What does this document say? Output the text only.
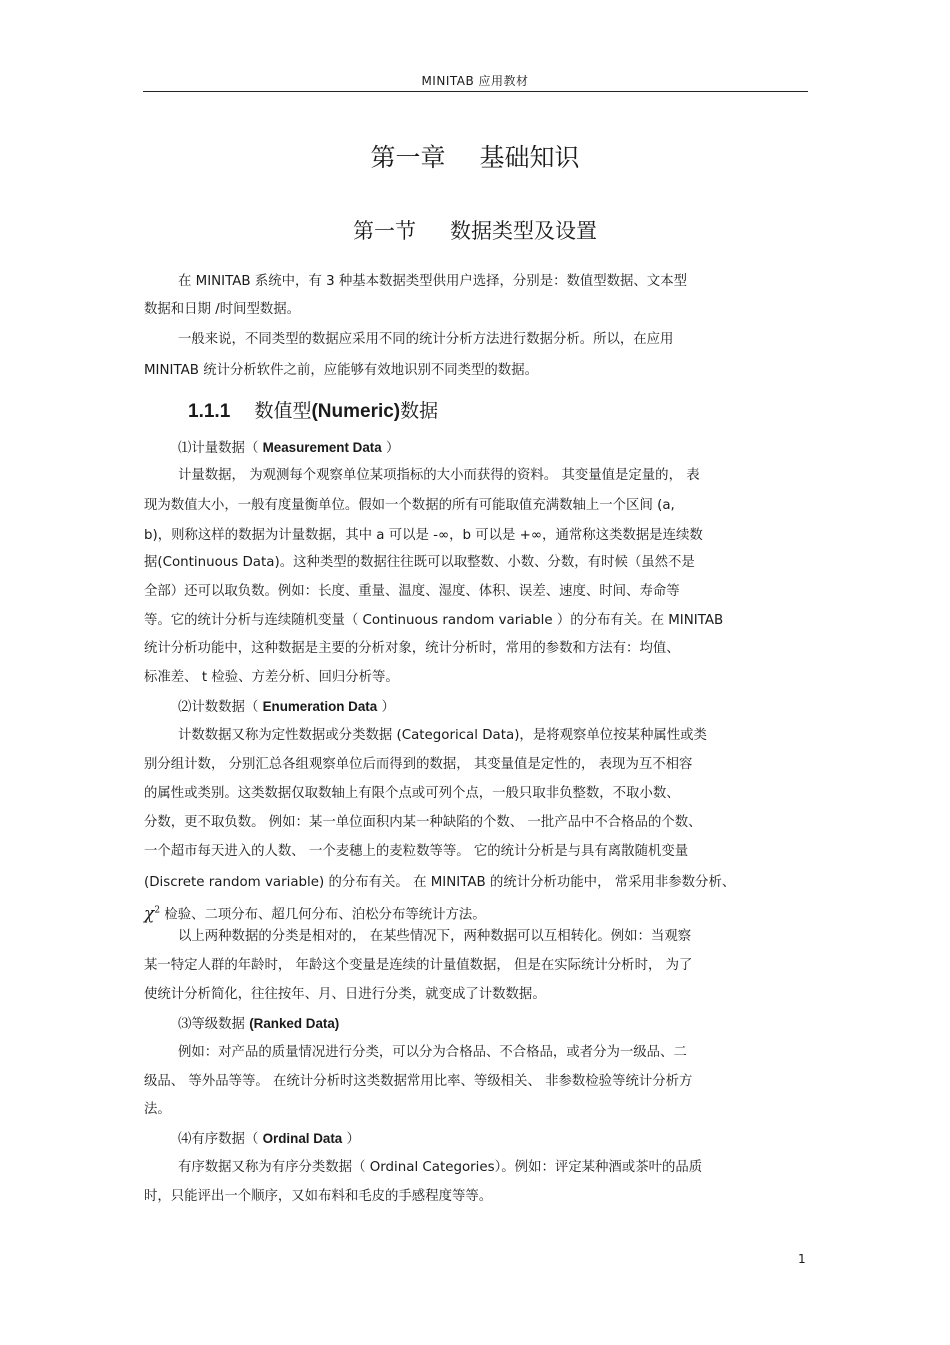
MINITAB 应用教材
第一章 基础知识
第一节 数据类型及设置
在 MINITAB 系统中，有 3 种基本数据类型供用户选择，分别是：数值型数据、文本型
数据和日期 /时间型数据。
一般来说，不同类型的数据应采用不同的统计分析方法进行数据分析。所以，在应用
MINITAB 统计分析软件之前，应能够有效地识别不同类型的数据。
1.1.1 数值型(Numeric)数据
⑴计量数据（ Measurement Data ）
计量数据， 为观测每个观察单位某项指标的大小而获得的资料。 其变量值是定量的， 表
现为数值大小，一般有度量衡单位。假如一个数据的所有可能取值充满数轴上一个区间 (a,
b)，则称这样的数据为计量数据，其中 a 可以是 -∞，b 可以是 +∞，通常称这类数据是连续数
据(Continuous Data)。这种类型的数据往往既可以取整数、小数、分数，有时候（虽然不是
全部）还可以取负数。例如：长度、重量、温度、湿度、体积、误差、速度、时间、寿命等
等。它的统计分析与连续随机变量（ Continuous random variable ）的分布有关。在 MINITAB
统计分析功能中，这种数据是主要的分析对象，统计分析时，常用的参数和方法有：均值、
标准差、 t 检验、方差分析、回归分析等。
⑵计数数据（ Enumeration Data ）
计数数据又称为定性数据或分类数据 (Categorical Data)，是将观察单位按某种属性或类
别分组计数， 分别汇总各组观察单位后而得到的数据， 其变量值是定性的， 表现为互不相容
的属性或类别。这类数据仅取数轴上有限个点或可列个点，一般只取非负整数，不取小数、
分数，更不取负数。 例如：某一单位面积内某一种缺陷的个数、 一批产品中不合格品的个数、
一个超市每天进入的人数、 一个麦穗上的麦粒数等等。 它的统计分析是与具有离散随机变量
(Discrete random variable) 的分布有关。 在 MINITAB 的统计分析功能中， 常采用非参数分析、
$\chi^2$ 检验、二项分布、超几何分布、泊松分布等统计方法。
以上两种数据的分类是相对的， 在某些情况下，两种数据可以互相转化。例如：当观察
某一特定人群的年龄时， 年龄这个变量是连续的计量值数据， 但是在实际统计分析时， 为了
使统计分析简化，往往按年、月、日进行分类，就变成了计数数据。
⑶等级数据 (Ranked Data)
例如：对产品的质量情况进行分类，可以分为合格品、不合格品，或者分为一级品、二
级品、 等外品等等。 在统计分析时这类数据常用比率、等级相关、 非参数检验等统计分析方
法。
⑷有序数据（ Ordinal Data ）
有序数据又称为有序分类数据（ Ordinal Categories）。例如：评定某种酒或茶叶的品质
时，只能评出一个顺序，又如布料和毛皮的手感程度等等。
1
